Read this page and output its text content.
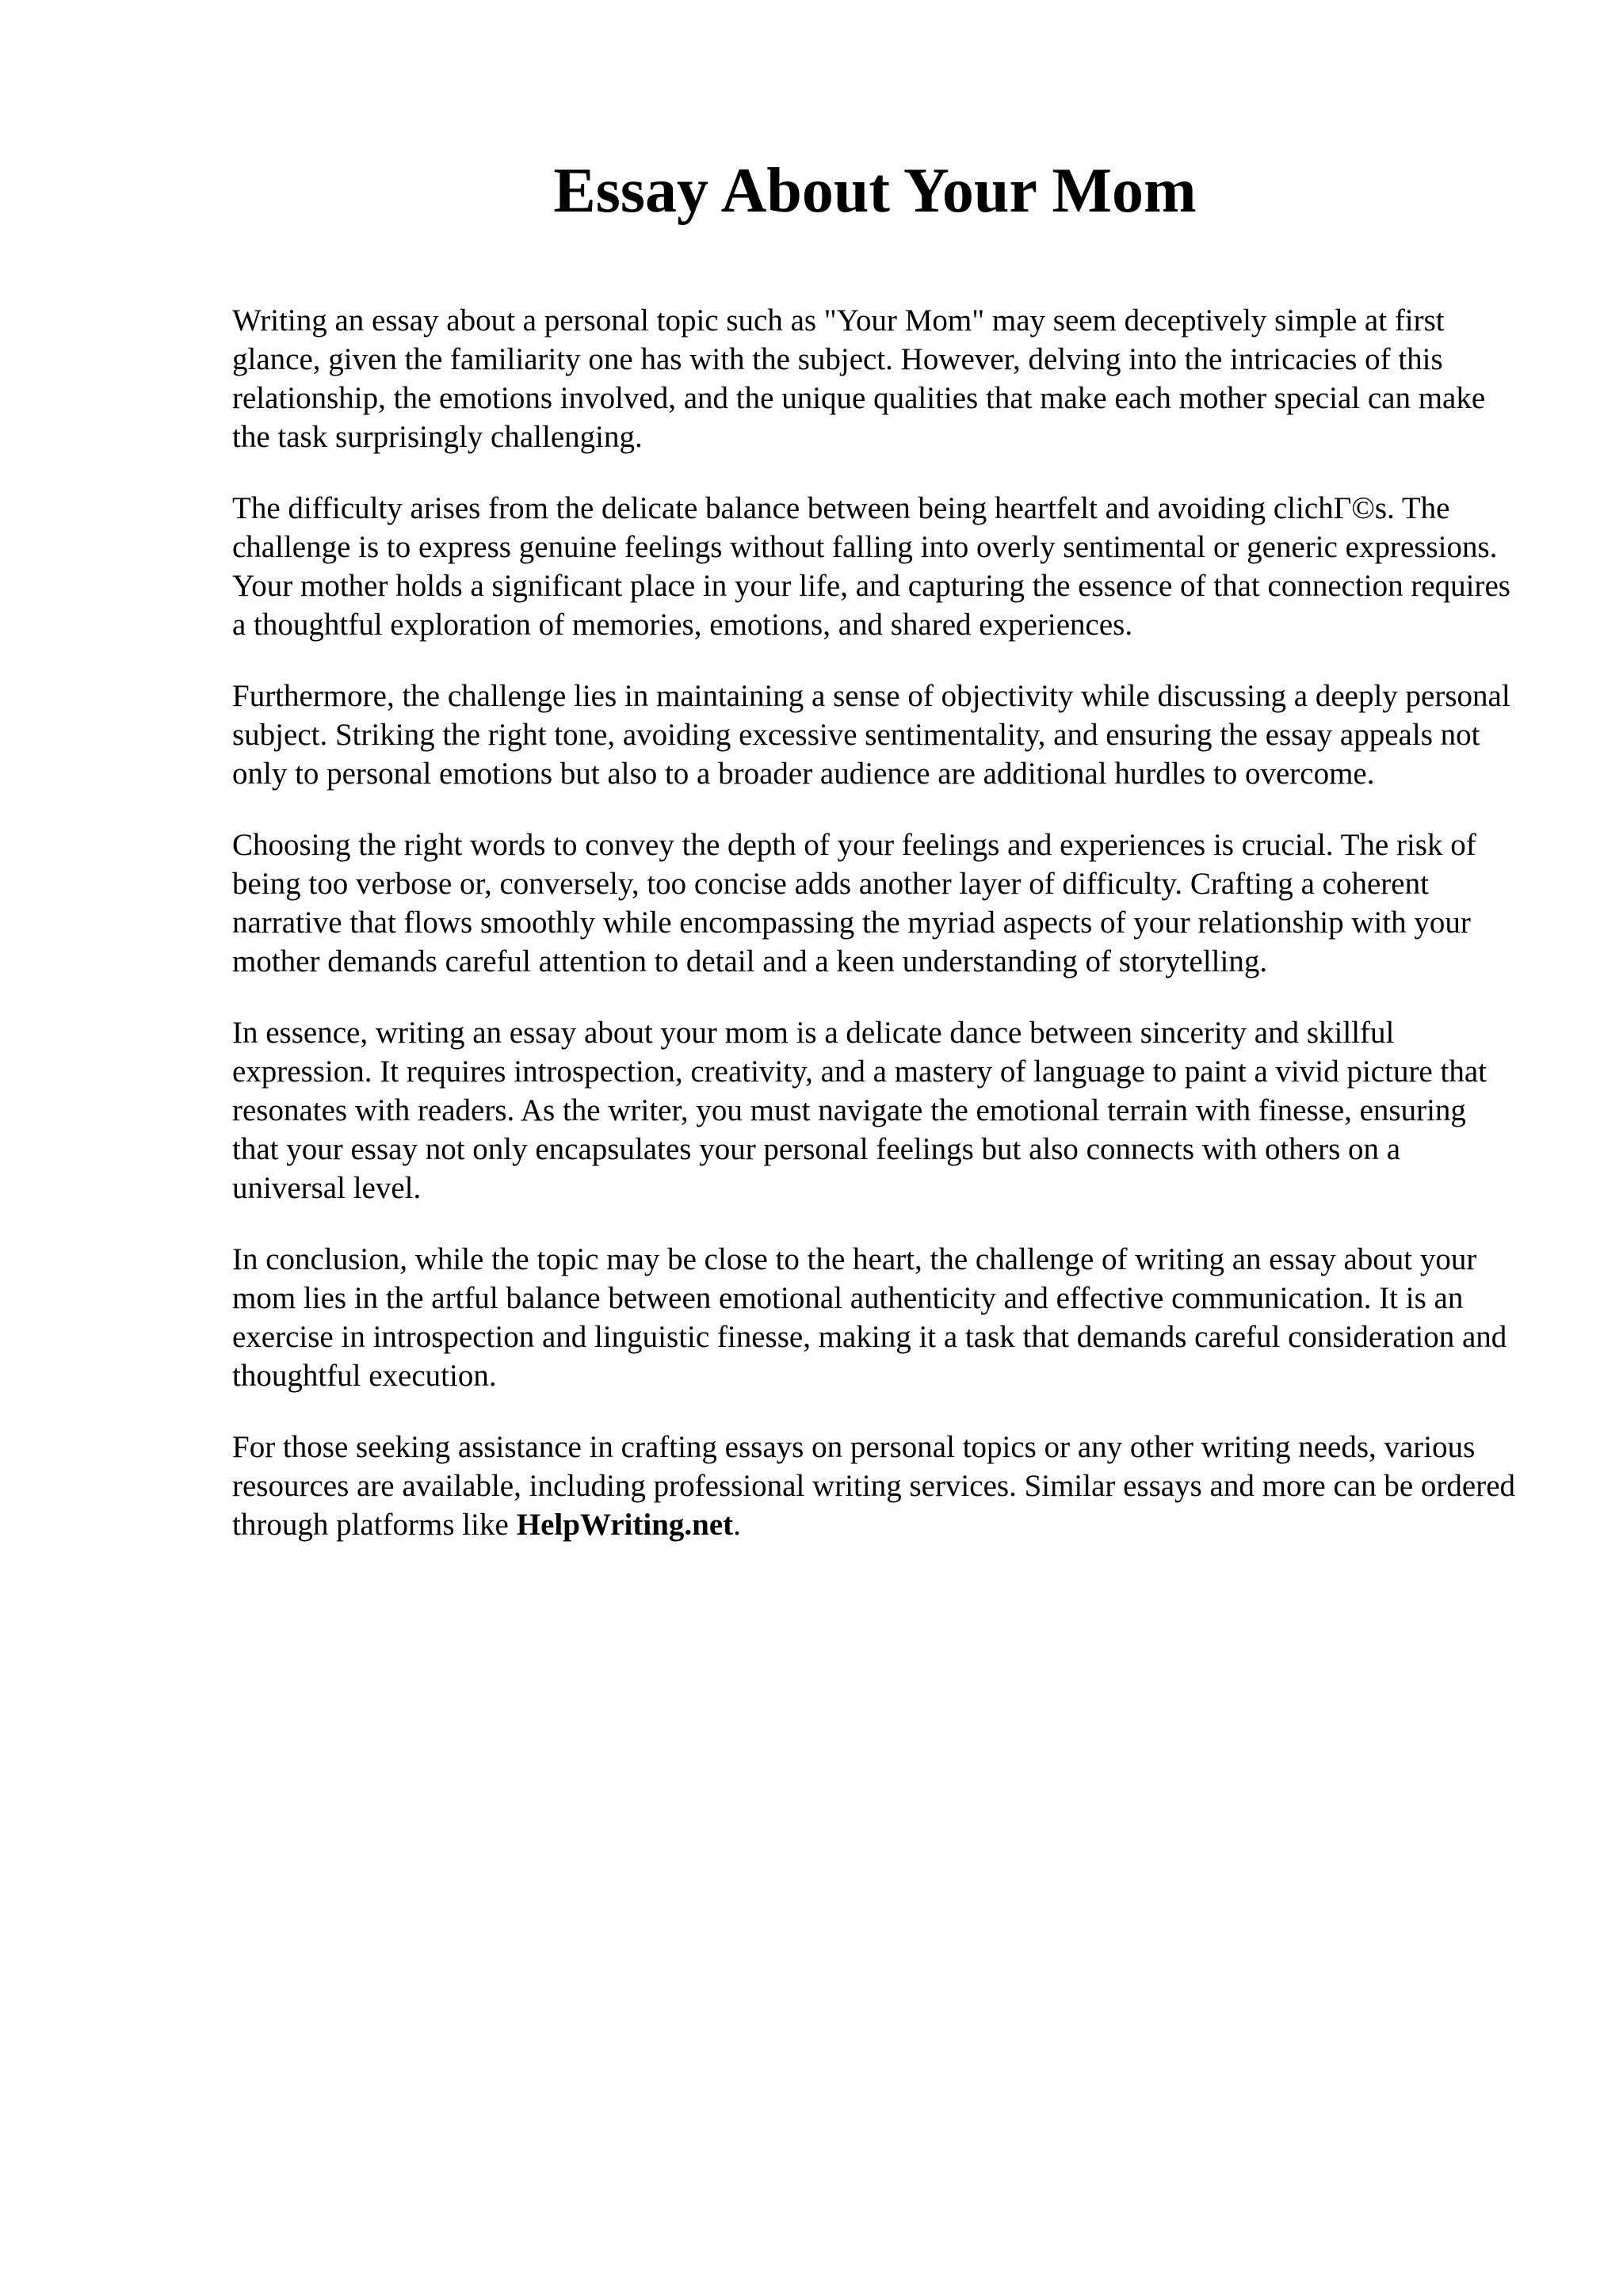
Essay About Your Mom

Writing an essay about a personal topic such as "Your Mom" may seem deceptively simple at first glance, given the familiarity one has with the subject. However, delving into the intricacies of this relationship, the emotions involved, and the unique qualities that make each mother special can make the task surprisingly challenging.

The difficulty arises from the delicate balance between being heartfelt and avoiding clichГ©s. The challenge is to express genuine feelings without falling into overly sentimental or generic expressions. Your mother holds a significant place in your life, and capturing the essence of that connection requires a thoughtful exploration of memories, emotions, and shared experiences.

Furthermore, the challenge lies in maintaining a sense of objectivity while discussing a deeply personal subject. Striking the right tone, avoiding excessive sentimentality, and ensuring the essay appeals not only to personal emotions but also to a broader audience are additional hurdles to overcome.

Choosing the right words to convey the depth of your feelings and experiences is crucial. The risk of being too verbose or, conversely, too concise adds another layer of difficulty. Crafting a coherent narrative that flows smoothly while encompassing the myriad aspects of your relationship with your mother demands careful attention to detail and a keen understanding of storytelling.

In essence, writing an essay about your mom is a delicate dance between sincerity and skillful expression. It requires introspection, creativity, and a mastery of language to paint a vivid picture that resonates with readers. As the writer, you must navigate the emotional terrain with finesse, ensuring that your essay not only encapsulates your personal feelings but also connects with others on a universal level.

In conclusion, while the topic may be close to the heart, the challenge of writing an essay about your mom lies in the artful balance between emotional authenticity and effective communication. It is an exercise in introspection and linguistic finesse, making it a task that demands careful consideration and thoughtful execution.

For those seeking assistance in crafting essays on personal topics or any other writing needs, various resources are available, including professional writing services. Similar essays and more can be ordered through platforms like HelpWriting.net.
